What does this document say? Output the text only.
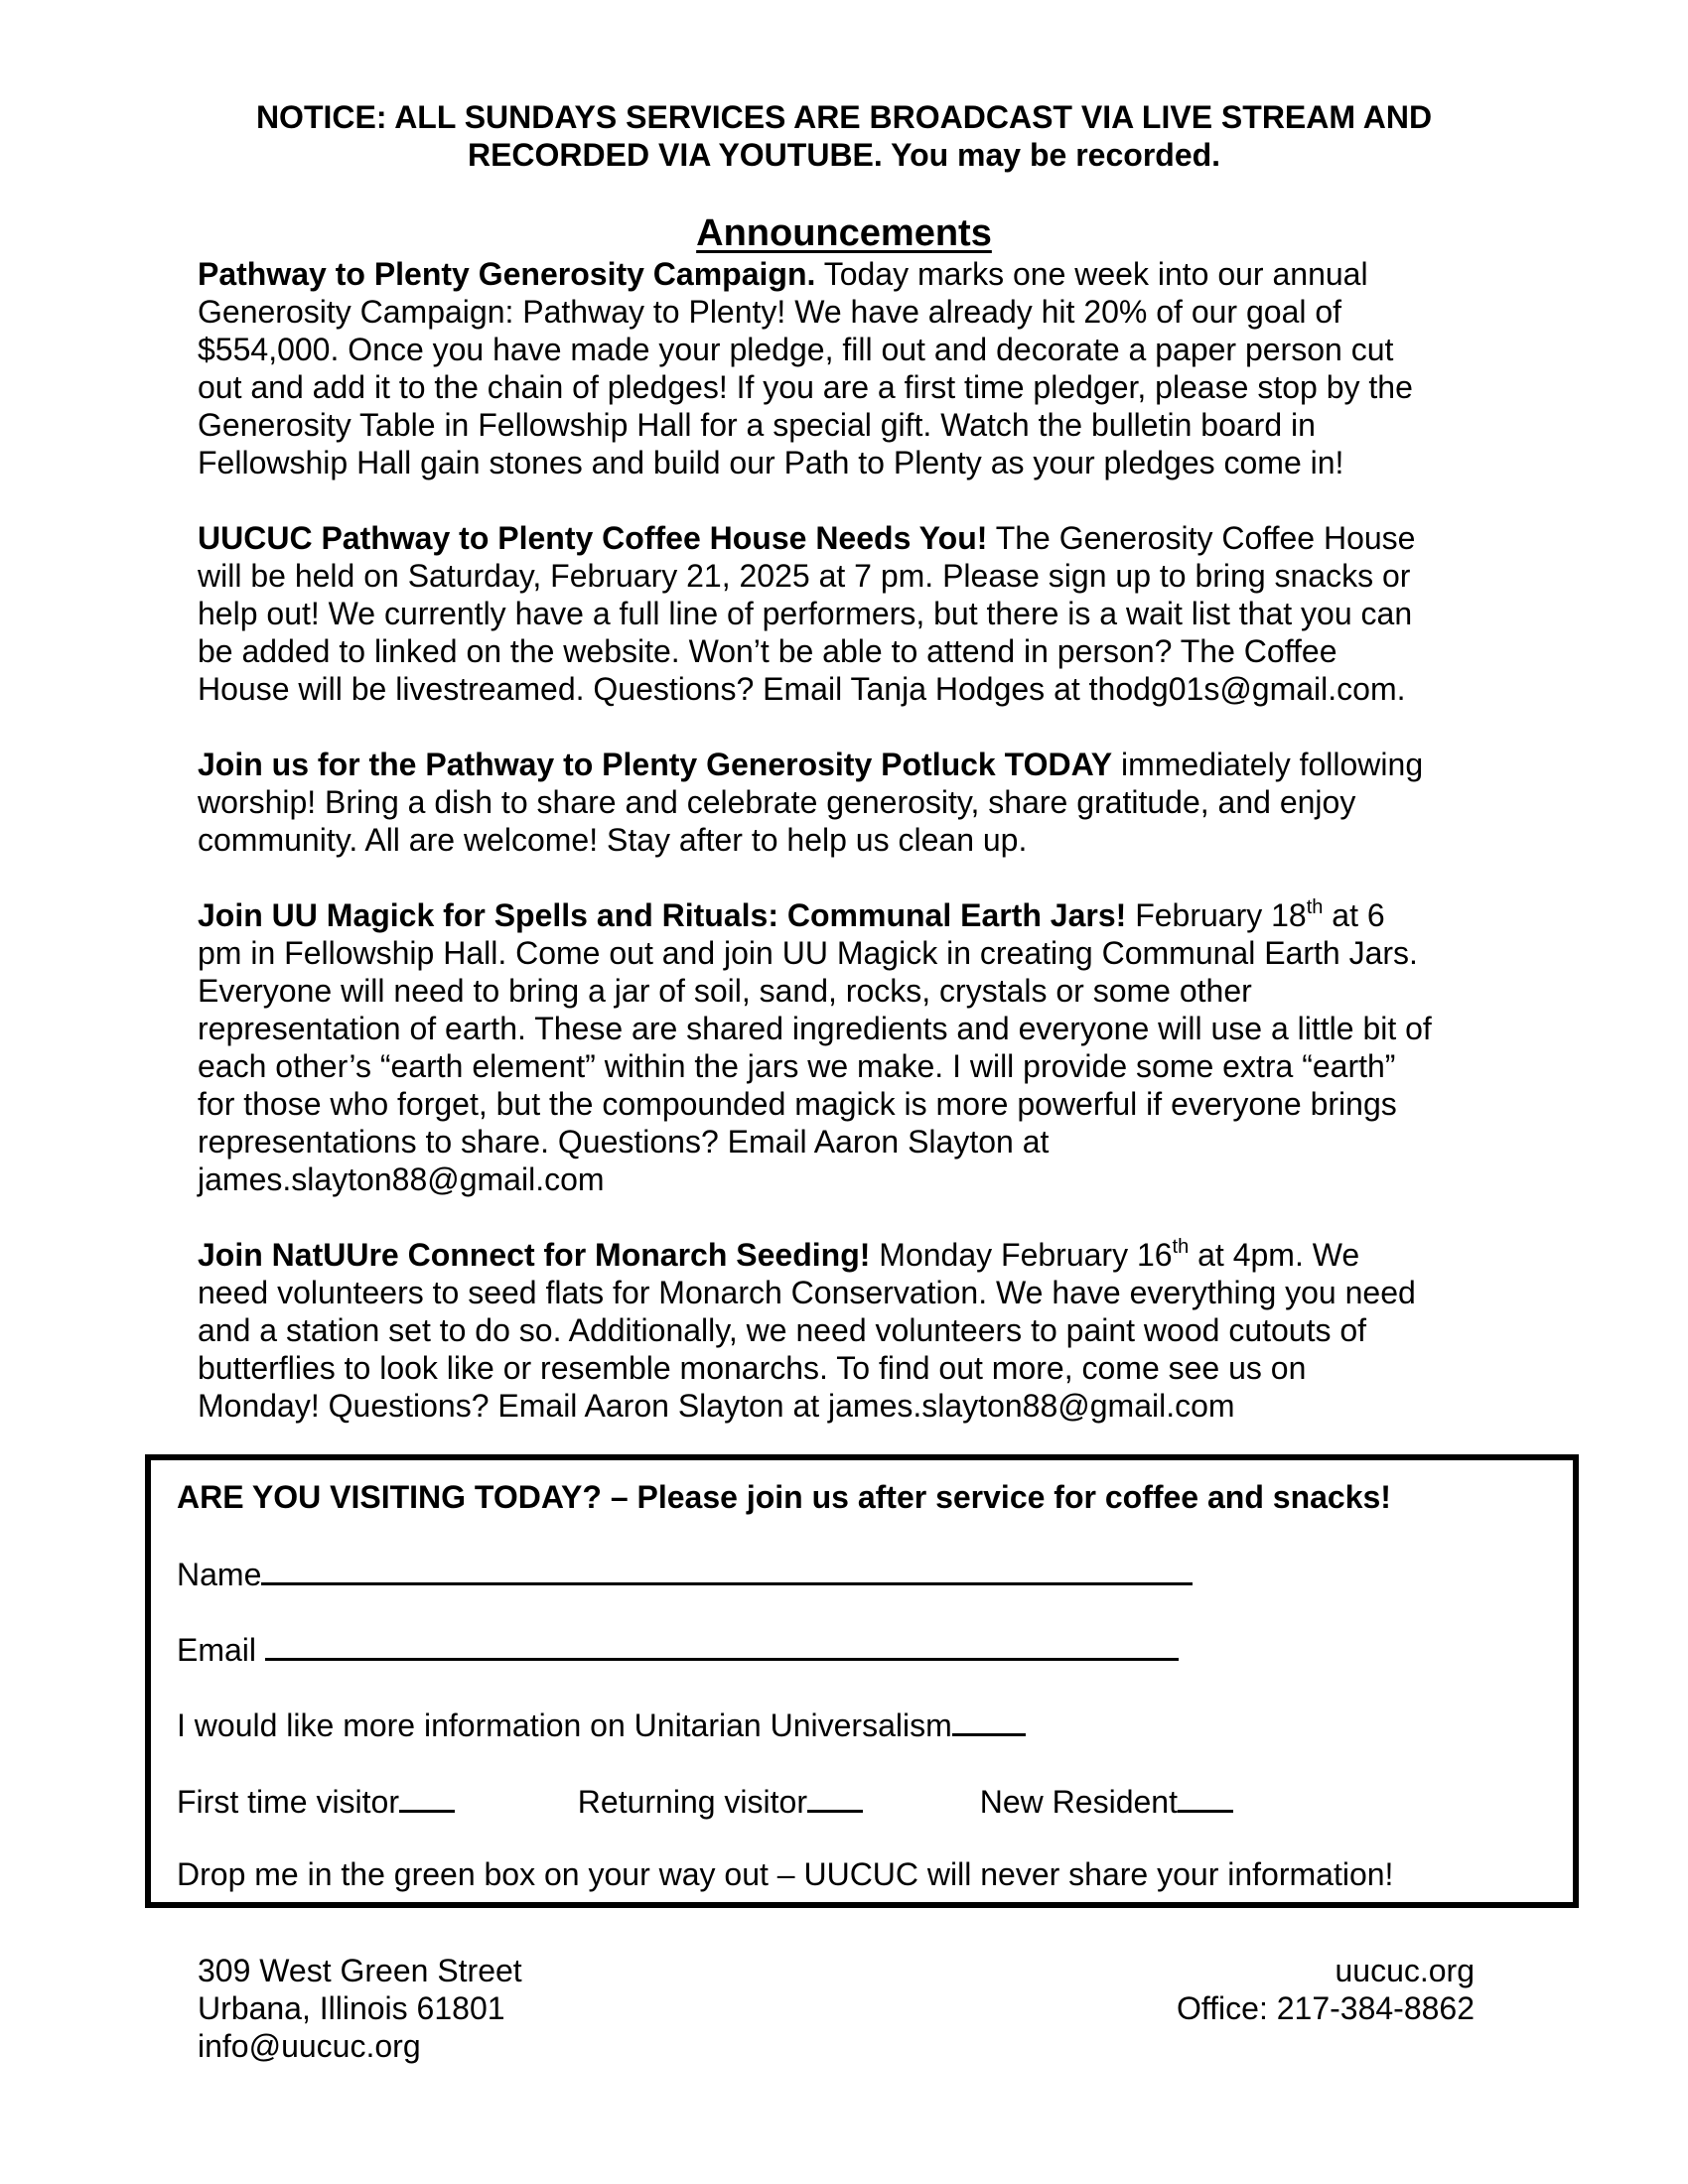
NOTICE: ALL SUNDAYS SERVICES ARE BROADCAST VIA LIVE STREAM AND
RECORDED VIA YOUTUBE. You may be recorded.
Announcements
Pathway to Plenty Generosity Campaign. Today marks one week into our annual
Generosity Campaign: Pathway to Plenty! We have already hit 20% of our goal of
$554,000. Once you have made your pledge, fill out and decorate a paper person cut
out and add it to the chain of pledges! If you are a first time pledger, please stop by the
Generosity Table in Fellowship Hall for a special gift. Watch the bulletin board in
Fellowship Hall gain stones and build our Path to Plenty as your pledges come in!
UUCUC Pathway to Plenty Coffee House Needs You! The Generosity Coffee House
will be held on Saturday, February 21, 2025 at 7 pm. Please sign up to bring snacks or
help out! We currently have a full line of performers, but there is a wait list that you can
be added to linked on the website. Won’t be able to attend in person? The Coffee
House will be livestreamed. Questions? Email Tanja Hodges at thodg01s@gmail.com.
Join us for the Pathway to Plenty Generosity Potluck TODAY immediately following
worship! Bring a dish to share and celebrate generosity, share gratitude, and enjoy
community. All are welcome! Stay after to help us clean up.
Join UU Magick for Spells and Rituals: Communal Earth Jars! February 18th at 6
pm in Fellowship Hall. Come out and join UU Magick in creating Communal Earth Jars.
Everyone will need to bring a jar of soil, sand, rocks, crystals or some other
representation of earth. These are shared ingredients and everyone will use a little bit of
each other’s “earth element” within the jars we make. I will provide some extra “earth”
for those who forget, but the compounded magick is more powerful if everyone brings
representations to share. Questions? Email Aaron Slayton at
james.slayton88@gmail.com
Join NatUUre Connect for Monarch Seeding! Monday February 16th at 4pm. We
need volunteers to seed flats for Monarch Conservation. We have everything you need
and a station set to do so. Additionally, we need volunteers to paint wood cutouts of
butterflies to look like or resemble monarchs. To find out more, come see us on
Monday! Questions? Email Aaron Slayton at james.slayton88@gmail.com
ARE YOU VISITING TODAY? – Please join us after service for coffee and snacks!
Name
Email
I would like more information on Unitarian Universalism
First time visitor	Returning visitor	New Resident
Drop me in the green box on your way out – UUCUC will never share your information!
309 West Green Street
Urbana, Illinois 61801
info@uucuc.org
uucuc.org
Office: 217-384-8862
